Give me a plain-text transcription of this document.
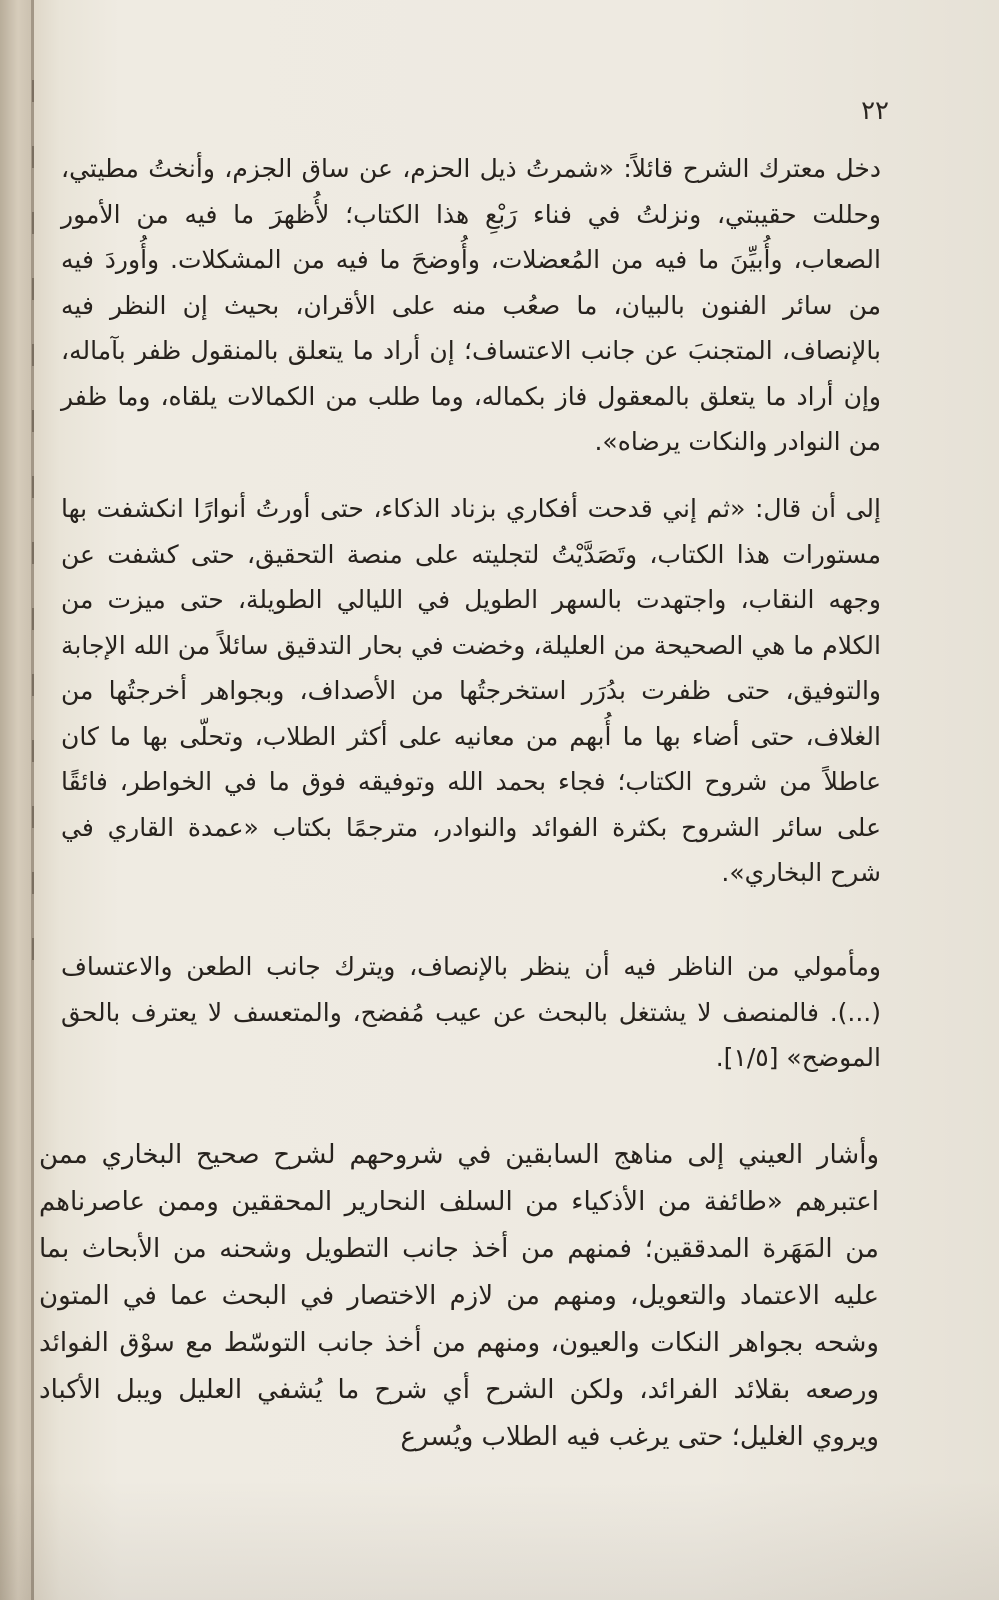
٢٢

دخل معترك الشرح قائلاً: «شمرتُ ذيل الحزم، عن ساق الجزم، وأنختُ مطيتي، وحللت حقيبتي، ونزلتُ في فناء رَبْعِ هذا الكتاب؛ لأُظهرَ ما فيه من الأمور الصعاب، وأُبيِّنَ ما فيه من المُعضلات، وأُوضحَ ما فيه من المشكلات. وأُوردَ فيه من سائر الفنون بالبيان، ما صعُب منه على الأقران، بحيث إن النظر فيه بالإنصاف، المتجنبَ عن جانب الاعتساف؛ إن أراد ما يتعلق بالمنقول ظفر بآماله، وإن أراد ما يتعلق بالمعقول فاز بكماله، وما طلب من الكمالات يلقاه، وما ظفر من النوادر والنكات يرضاه».

إلى أن قال: «ثم إني قدحت أفكاري بزناد الذكاء، حتى أورتُ أنوارًا انكشفت بها مستورات هذا الكتاب، وتَصَدَّيْتُ لتجليته على منصة التحقيق، حتى كشفت عن وجهه النقاب، واجتهدت بالسهر الطويل في الليالي الطويلة، حتى ميزت من الكلام ما هي الصحيحة من العليلة، وخضت في بحار التدقيق سائلاً من الله الإجابة والتوفيق، حتى ظفرت بدُرَر استخرجتُها من الأصداف، وبجواهر أخرجتُها من الغلاف، حتى أضاء بها ما أُبهم من معانيه على أكثر الطلاب، وتحلّى بها ما كان عاطلاً من شروح الكتاب؛ فجاء بحمد الله وتوفيقه فوق ما في الخواطر، فائقًا على سائر الشروح بكثرة الفوائد والنوادر، مترجمًا بكتاب «عمدة القاري في شرح البخاري».

ومأمولي من الناظر فيه أن ينظر بالإنصاف، ويترك جانب الطعن والاعتساف (...). فالمنصف لا يشتغل بالبحث عن عيب مُفضح، والمتعسف لا يعترف بالحق الموضح» [١/٥].

وأشار العيني إلى مناهج السابقين في شروحهم لشرح صحيح البخاري ممن اعتبرهم «طائفة من الأذكياء من السلف النحارير المحققين وممن عاصرناهم من المَهَرة المدققين؛ فمنهم من أخذ جانب التطويل وشحنه من الأبحاث بما عليه الاعتماد والتعويل، ومنهم من لازم الاختصار في البحث عما في المتون وشحه بجواهر النكات والعيون، ومنهم من أخذ جانب التوسّط مع سوْق الفوائد ورصعه بقلائد الفرائد، ولكن الشرح أي شرح ما يُشفي العليل ويبل الأكباد ويروي الغليل؛ حتى يرغب فيه الطلاب ويُسرع
